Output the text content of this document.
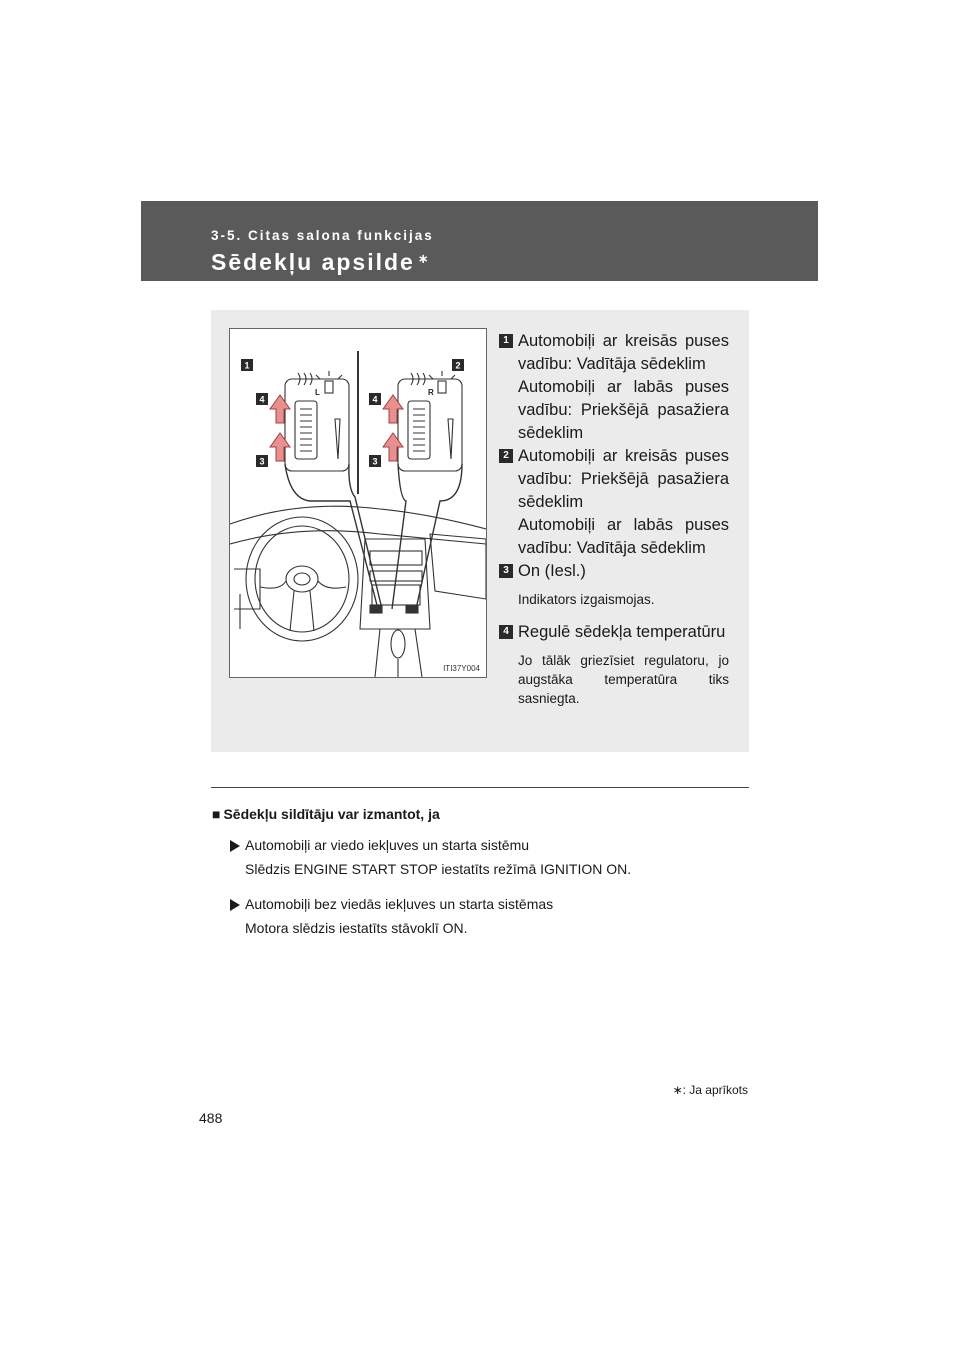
3-5. Citas salona funkcijas
Sēdekļu apsilde ∗
L	R
1	2
4
3
4
3
ITI37Y004
1 Automobiļi ar kreisās puses vadību: Vadītāja sēdeklim

Automobiļi ar labās puses vadību: Priekšējā pasažiera sēdeklim

2 Automobiļi ar kreisās puses vadību: Priekšējā pasažiera sēdeklim

Automobiļi ar labās puses vadību: Vadītāja sēdeklim

3 On (Iesl.)

Indikators izgaismojas.

4 Regulē sēdekļa temperatūru

Jo tālāk griezīsiet regulatoru, jo augstāka temperatūra tiks sasniegta.

■ Sēdekļu sildītāju var izmantot, ja

Automobiļi ar viedo iekļuves un starta sistēmu

Slēdzis ENGINE START STOP iestatīts režīmā IGNITION ON.

Automobiļi bez viedās iekļuves un starta sistēmas

Motora slēdzis iestatīts stāvoklī ON.

∗: Ja aprīkots
488
